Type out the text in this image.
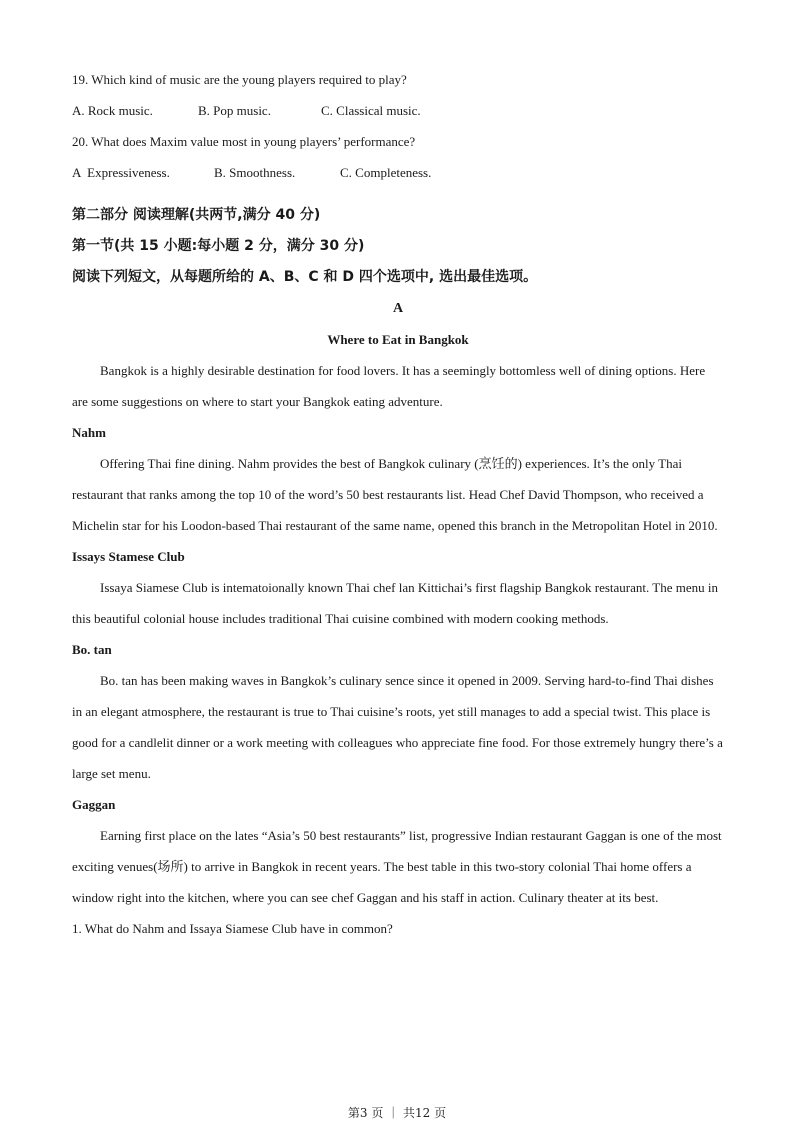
19. Which kind of music are the young players required to play?
A. Rock music.	B. Pop music.	C. Classical music.
20. What does Maxim value most in young players’ performance?
A  Expressiveness.	B. Smoothness.	C. Completeness.
第二部分 阅读理解(共两节,满分 40 分)
第一节(共 15 小题:每小题 2 分，满分 30 分)
阅读下列短文，从每题所给的 A、B、C 和 D 四个选项中, 选出最佳选项。
A
Where to Eat in Bangkok

Bangkok is a highly desirable destination for food lovers. It has a seemingly bottomless well of dining options. Here are some suggestions on where to start your Bangkok eating adventure.

Nahm

Offering Thai fine dining. Nahm provides the best of Bangkok culinary (烹饪的) experiences. It’s the only Thai restaurant that ranks among the top 10 of the word’s 50 best restaurants list. Head Chef David Thompson, who received a Michelin star for his Loodon-based Thai restaurant of the same name, opened this branch in the Metropolitan Hotel in 2010.

Issays Stamese Club

Issaya Siamese Club is intematoionally known Thai chef lan Kittichai’s first flagship Bangkok restaurant. The menu in this beautiful colonial house includes traditional Thai cuisine combined with modern cooking methods.

Bo. tan

Bo. tan has been making waves in Bangkok’s culinary sence since it opened in 2009. Serving hard-to-find Thai dishes in an elegant atmosphere, the restaurant is true to Thai cuisine’s roots, yet still manages to add a special twist. This place is good for a candlelit dinner or a work meeting with colleagues who appreciate fine food. For those extremely hungry there’s a large set menu.

Gaggan

Earning first place on the lates “Asia’s 50 best restaurants” list, progressive Indian restaurant Gaggan is one of the most exciting venues(场所) to arrive in Bangkok in recent years. The best table in this two-story colonial Thai home offers a window right into the kitchen, where you can see chef Gaggan and his staff in action. Culinary theater at its best.

1. What do Nahm and Issaya Siamese Club have in common?
第3 页 ｜ 共12 页
